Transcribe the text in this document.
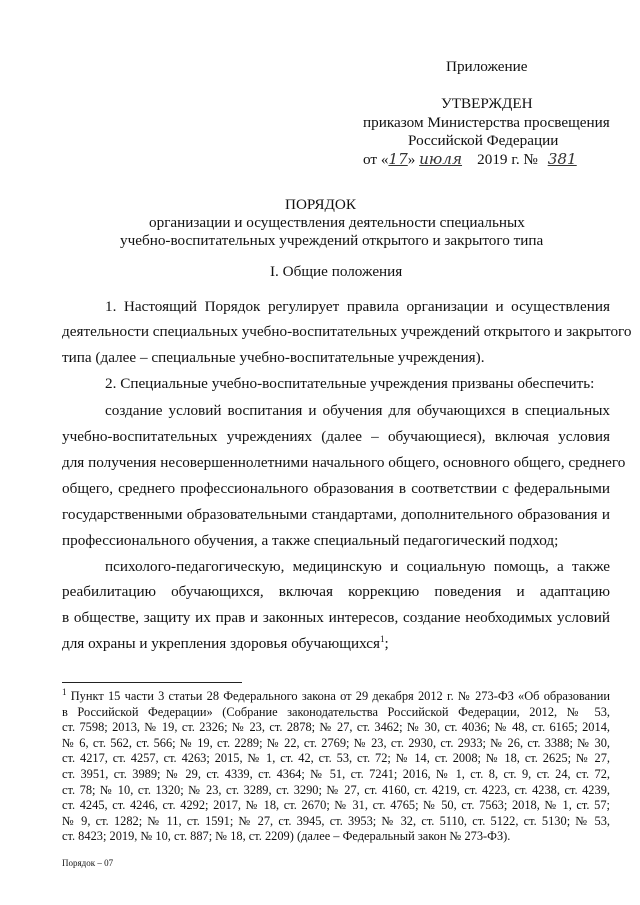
Приложение
УТВЕРЖДЕН
приказом Министерства просвещения
Российской Федерации
от «17» июля 2019 г. № 381
ПОРЯДОК
организации и осуществления деятельности специальных
учебно-воспитательных учреждений открытого и закрытого типа
I. Общие положения
1. Настоящий Порядок регулирует правила организации и осуществления
деятельности специальных учебно-воспитательных учреждений открытого и закрытого
типа (далее – специальные учебно-воспитательные учреждения).
2. Специальные учебно-воспитательные учреждения призваны обеспечить:
создание условий воспитания и обучения для обучающихся в специальных
учебно-воспитательных учреждениях (далее – обучающиеся), включая условия
для получения несовершеннолетними начального общего, основного общего, среднего
общего, среднего профессионального образования в соответствии с федеральными
государственными образовательными стандартами, дополнительного образования и
профессионального обучения, а также специальный педагогический подход;
психолого-педагогическую, медицинскую и социальную помощь, а также
реабилитацию обучающихся, включая коррекцию поведения и адаптацию
в обществе, защиту их прав и законных интересов, создание необходимых условий
для охраны и укрепления здоровья обучающихся$^1$;
$^1$ Пункт 15 части 3 статьи 28 Федерального закона от 29 декабря 2012 г. № 273-ФЗ «Об образовании
в Российской Федерации» (Собрание законодательства Российской Федерации, 2012, № 53,
ст. 7598; 2013, № 19, ст. 2326; № 23, ст. 2878; № 27, ст. 3462; № 30, ст. 4036; № 48, ст. 6165; 2014,
№ 6, ст. 562, ст. 566; № 19, ст. 2289; № 22, ст. 2769; № 23, ст. 2930, ст. 2933; № 26, ст. 3388; № 30,
ст. 4217, ст. 4257, ст. 4263; 2015, № 1, ст. 42, ст. 53, ст. 72; № 14, ст. 2008; № 18, ст. 2625; № 27,
ст. 3951, ст. 3989; № 29, ст. 4339, ст. 4364; № 51, ст. 7241; 2016, № 1, ст. 8, ст. 9, ст. 24, ст. 72,
ст. 78; № 10, ст. 1320; № 23, ст. 3289, ст. 3290; № 27, ст. 4160, ст. 4219, ст. 4223, ст. 4238, ст. 4239,
ст. 4245, ст. 4246, ст. 4292; 2017, № 18, ст. 2670; № 31, ст. 4765; № 50, ст. 7563; 2018, № 1, ст. 57;
№ 9, ст. 1282; № 11, ст. 1591; № 27, ст. 3945, ст. 3953; № 32, ст. 5110, ст. 5122, ст. 5130; № 53,
ст. 8423; 2019, № 10, ст. 887; № 18, ст. 2209) (далее – Федеральный закон № 273-ФЗ).
Порядок – 07
